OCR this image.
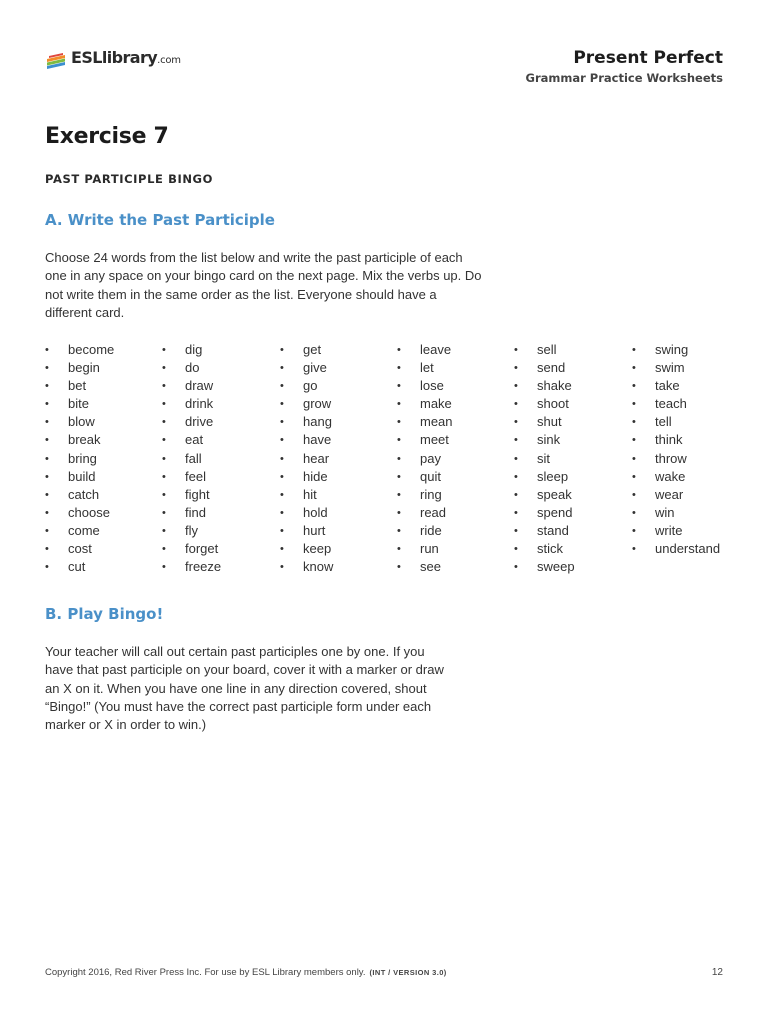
ESLlibrary.com	Present Perfect
Grammar Practice Worksheets
Exercise 7
PAST PARTICIPLE BINGO
A. Write the Past Participle

Choose 24 words from the list below and write the past participle of each one in any space on your bingo card on the next page. Mix the verbs up. Do not write them in the same order as the list. Everyone should have a different card.

• become
• begin
• bet
• bite
• blow
• break
• bring
• build
• catch
• choose
• come
• cost
• cut
• dig
• do
• draw
• drink
• drive
• eat
• fall
• feel
• fight
• find
• fly
• forget
• freeze
• get
• give
• go
• grow
• hang
• have
• hear
• hide
• hit
• hold
• hurt
• keep
• know
• leave
• let
• lose
• make
• mean
• meet
• pay
• quit
• ring
• read
• ride
• run
• see
• sell
• send
• shake
• shoot
• shut
• sink
• sit
• sleep
• speak
• spend
• stand
• stick
• sweep
• swing
• swim
• take
• teach
• tell
• think
• throw
• wake
• wear
• win
• write
• understand
B. Play Bingo!

Your teacher will call out certain past participles one by one. If you have that past participle on your board, cover it with a marker or draw an X on it. When you have one line in any direction covered, shout “Bingo!” (You must have the correct past participle form under each marker or X in order to win.)

Copyright 2016, Red River Press Inc. For use by ESL Library members only. (INT / VERSION 3.0)	12
